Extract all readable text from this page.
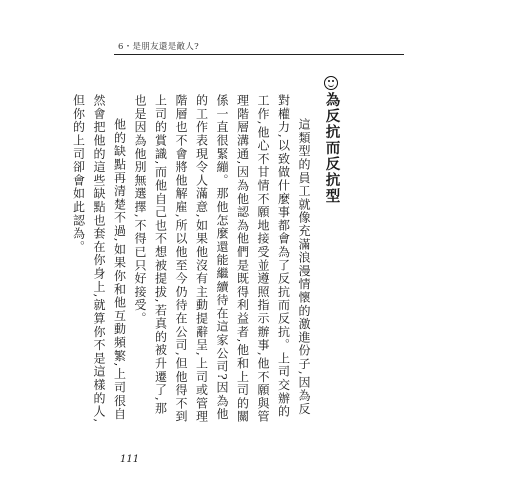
6・是朋友還是敵人?
為反抗而反抗型

這類型的員工就像充滿浪漫情懷的激進份子,因為反對權力,以致做什麼事都會為了反抗而反抗。上司交辦的工作,他心不甘情不願地接受並遵照指示辦事,他不願與管理階層溝通,因為他認為他們是既得利益者,他和上司的關係一直很緊繃。那他怎麼還能繼續待在這家公司?因為他的工作表現令人滿意,如果他沒有主動提辭呈,上司或管理階層也不會將他解雇,所以他至今仍待在公司,但他得不到上司的賞識,而他自己也不想被提拔,若真的被升遷了,那也是因為他別無選擇,不得已只好接受。

他的缺點再清楚不過,如果你和他互動頻繁,上司很自然會把他的這些缺點也套在你身上,就算你不是這樣的人,但你的上司卻會如此認為。

111
